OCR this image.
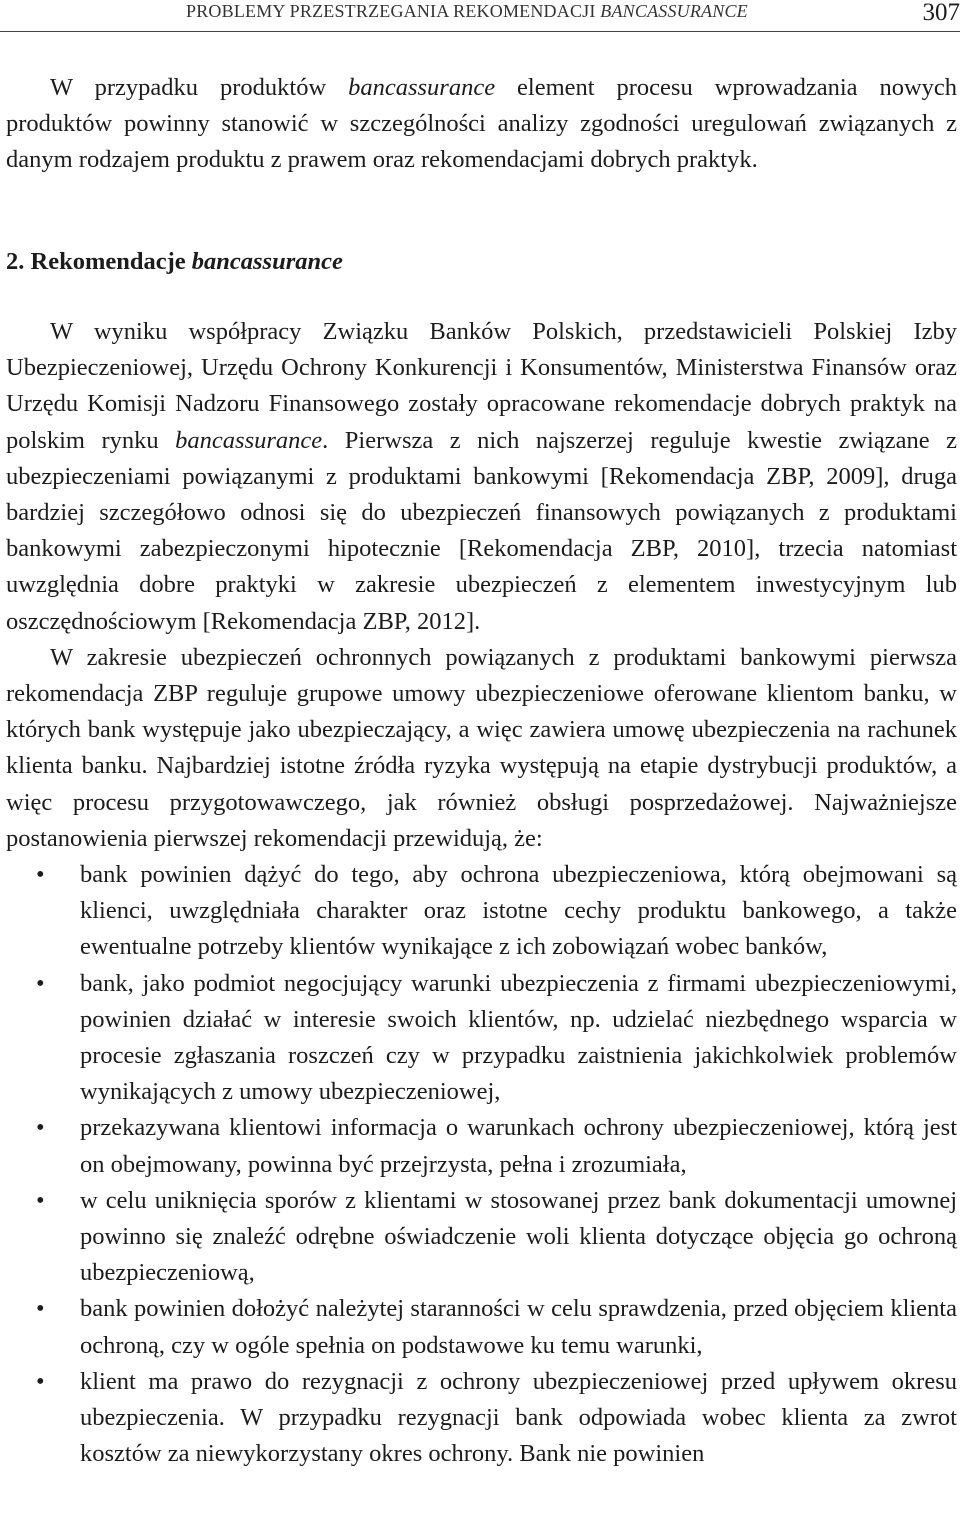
PROBLEMY PRZESTRZEGANIA REKOMENDACJI BANCASSURANCE	307

W przypadku produktów bancassurance element procesu wprowadzania nowych produktów powinny stanowić w szczególności analizy zgodności uregulowań związanych z danym rodzajem produktu z prawem oraz rekomendacjami dobrych praktyk.

2. Rekomendacje bancassurance

W wyniku współpracy Związku Banków Polskich, przedstawicieli Polskiej Izby Ubezpieczeniowej, Urzędu Ochrony Konkurencji i Konsumentów, Ministerstwa Finansów oraz Urzędu Komisji Nadzoru Finansowego zostały opracowane rekomendacje dobrych praktyk na polskim rynku bancassurance. Pierwsza z nich najszerzej reguluje kwestie związane z ubezpieczeniami powiązanymi z produktami bankowymi [Rekomendacja ZBP, 2009], druga bardziej szczegółowo odnosi się do ubezpieczeń finansowych powiązanych z produktami bankowymi zabezpieczonymi hipotecznie [Rekomendacja ZBP, 2010], trzecia natomiast uwzględnia dobre praktyki w zakresie ubezpieczeń z elementem inwestycyjnym lub oszczędnościowym [Rekomendacja ZBP, 2012].

W zakresie ubezpieczeń ochronnych powiązanych z produktami bankowymi pierwsza rekomendacja ZBP reguluje grupowe umowy ubezpieczeniowe oferowane klientom banku, w których bank występuje jako ubezpieczający, a więc zawiera umowę ubezpieczenia na rachunek klienta banku. Najbardziej istotne źródła ryzyka występują na etapie dystrybucji produktów, a więc procesu przygotowawczego, jak również obsługi posprzedażowej. Najważniejsze postanowienia pierwszej rekomendacji przewidują, że:

• bank powinien dążyć do tego, aby ochrona ubezpieczeniowa, którą obejmowani są klienci, uwzględniała charakter oraz istotne cechy produktu bankowego, a także ewentualne potrzeby klientów wynikające z ich zobowiązań wobec banków,
• bank, jako podmiot negocjujący warunki ubezpieczenia z firmami ubezpieczeniowymi, powinien działać w interesie swoich klientów, np. udzielać niezbędnego wsparcia w procesie zgłaszania roszczeń czy w przypadku zaistnienia jakichkolwiek problemów wynikających z umowy ubezpieczeniowej,
• przekazywana klientowi informacja o warunkach ochrony ubezpieczeniowej, którą jest on obejmowany, powinna być przejrzysta, pełna i zrozumiała,
• w celu uniknięcia sporów z klientami w stosowanej przez bank dokumentacji umownej powinno się znaleźć odrębne oświadczenie woli klienta dotyczące objęcia go ochroną ubezpieczeniową,
• bank powinien dołożyć należytej staranności w celu sprawdzenia, przed objęciem klienta ochroną, czy w ogóle spełnia on podstawowe ku temu warunki,
• klient ma prawo do rezygnacji z ochrony ubezpieczeniowej przed upływem okresu ubezpieczenia. W przypadku rezygnacji bank odpowiada wobec klienta za zwrot kosztów za niewykorzystany okres ochrony. Bank nie powinien
